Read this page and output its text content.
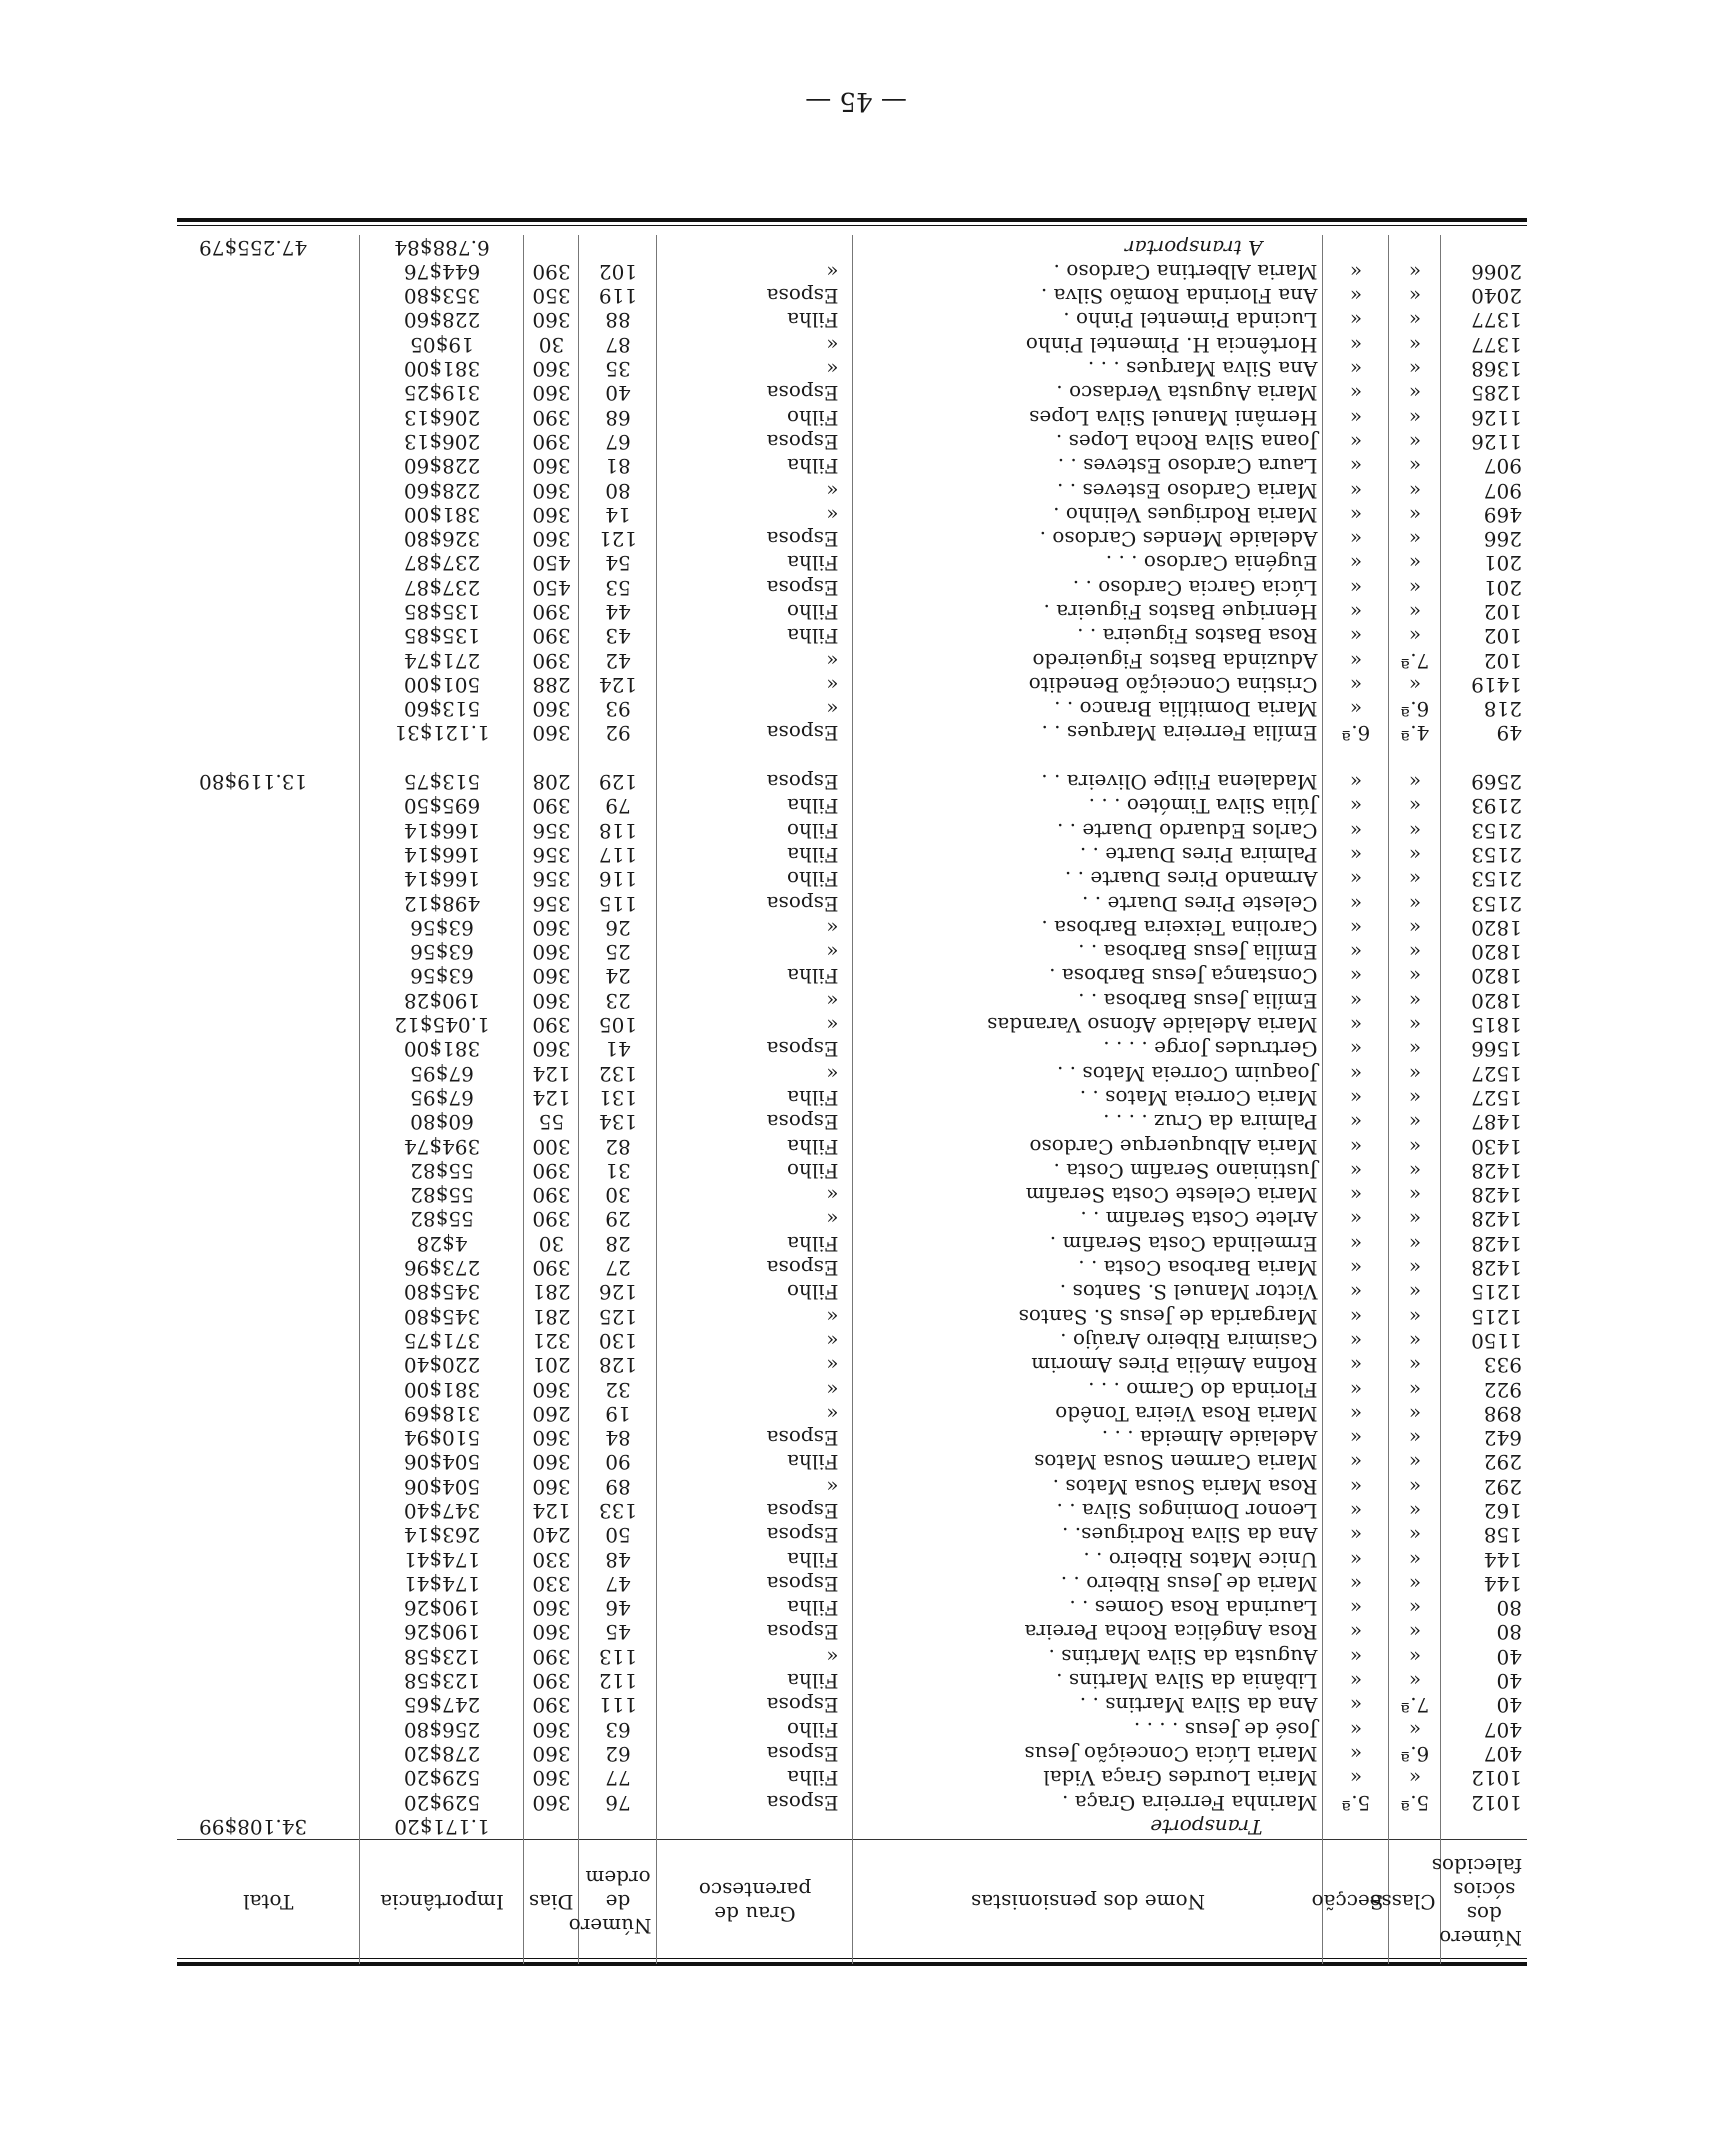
— 45 —
Número dos sócios falecidos	Classe	Secção	Nome dos pensionistas	Grau de parentesco	Número de ordem	Dias	Importância	Total
			Transporte				1.171$20	34.108$99
1012	5.ª	5.ª	Marinha Ferreira Graça .	Esposa	76	360	529$20	
1012	«	«	Maria Lourdes Graça Vidal	Filha	77	360	529$20	
407	6.ª	«	Maria Lúcia Conceição Jesus	Esposa	62	360	278$20	
407	«	«	José de Jesus . . . .	Filho	63	360	256$80	
40	7.ª	«	Ana da Silva Martins . .	Esposa	111	390	247$65	
40	«	«	Libânia da Silva Martins .	Filha	112	390	123$58	
40	«	«	Augusta da Silva Martins .	«	113	390	123$58	
80	«	«	Rosa Angélica Rocha Pereira	Esposa	45	360	190$26	
80	«	«	Laurinda Rosa Gomes . .	Filha	46	360	190$26	
144	«	«	Maria de Jesus Ribeiro . .	Esposa	47	330	174$41	
144	«	«	Unice Matos Ribeiro . .	Filha	48	330	174$41	
158	«	«	Ana da Silva Rodrigues. .	Esposa	50	240	263$14	
162	«	«	Leonor Domingos Silva . .	Esposa	133	124	347$40	
292	«	«	Rosa Maria Sousa Matos .	«	89	360	504$06	
292	«	«	Maria Carmen Sousa Matos	Filha	90	360	504$06	
642	«	«	Adelaide Almeida . . .	Esposa	84	360	510$94	
898	«	«	Maria Rosa Vieira Tonêdo	«	19	260	318$69	
922	«	«	Florinda do Carmo . . .	«	32	360	381$00	
933	«	«	Rofina Amélia Pires Amorim	«	128	201	220$40	
1150	«	«	Casimira Ribeiro Araújo .	«	130	321	371$75	
1215	«	«	Margarida de Jesus S. Santos	«	125	281	345$80	
1215	«	«	Victor Manuel S. Santos .	Filho	126	281	345$80	
1428	«	«	Maria Barbosa Costa . .	Esposa	27	390	273$96	
1428	«	«	Ermelinda Costa Serafim .	Filha	28	30	4$28	
1428	«	«	Arlete Costa Serafim . .	«	29	390	55$82	
1428	«	«	Maria Celeste Costa Serafim	«	30	390	55$82	
1428	«	«	Justiniano Serafim Costa .	Filho	31	390	55$82	
1430	«	«	Maria Albuquerque Cardoso	Filha	82	300	394$74	
1487	«	«	Palmira da Cruz . . . .	Esposa	134	55	60$80	
1527	«	«	Maria Correia Matos . .	Filha	131	124	67$95	
1527	«	«	Joaquim Correia Matos . .	«	132	124	67$95	
1566	«	«	Gertrudes Jorge . . . .	Esposa	41	360	381$00	
1815	«	«	Maria Adelaide Afonso Varandas	«	105	390	1.045$12	
1820	«	«	Emília Jesus Barbosa . .	«	23	360	190$28	
1820	«	«	Constança Jesus Barbosa .	Filha	24	360	63$56	
1820	«	«	Emília Jesus Barbosa . .	«	25	360	63$56	
1820	«	«	Carolina Teixeira Barbosa .	«	26	360	63$56	
2153	«	«	Celeste Pires Duarte . .	Esposa	115	356	498$12	
2153	«	«	Armando Pires Duarte . .	Filho	116	356	166$14	
2153	«	«	Palmira Pires Duarte . .	Filha	117	356	166$14	
2153	«	«	Carlos Eduardo Duarte . .	Filho	118	356	166$14	
2193	«	«	Júlia Silva Timóteo . . .	Filha	79	390	695$50	
2569	«	«	Madalena Filipe Oliveira . .	Esposa	129	208	513$75	13.119$80

49	4.ª	6.ª	Emília Ferreira Marques . .	Esposa	92	360	1.121$31	
218	6.ª	«	Maria Domitília Branco . .	«	93	360	513$60	
1419	«	«	Cristina Conceição Benedito	«	124	288	501$00	
102	7.ª	«	Aduzinda Bastos Figueiredo	«	42	390	271$74	
102	«	«	Rosa Bastos Figueira . .	Filha	43	390	135$85	
102	«	«	Henrique Bastos Figueira .	Filho	44	390	135$85	
201	«	«	Lúcia Garcia Cardoso . .	Esposa	53	450	237$87	
201	«	«	Eugénia Cardoso . . .	Filha	54	450	237$87	
266	«	«	Adelaide Mendes Cardoso .	Esposa	121	360	326$80	
469	«	«	Maria Rodrigues Velinho .	«	14	360	381$00	
907	«	«	Maria Cardoso Esteves . .	«	80	360	228$60	
907	«	«	Laura Cardoso Esteves . .	Filha	81	360	228$60	
1126	«	«	Joana Silva Rocha Lopes .	Esposa	67	390	206$13	
1126	«	«	Hernâni Manuel Silva Lopes	Filho	68	390	206$13	
1285	«	«	Maria Augusta Verdasco .	Esposa	40	360	319$25	
1368	«	«	Ana Silva Marques . . .	«	35	360	381$00	
1377	«	«	Hortência H. Pimentel Pinho	«	87	30	19$05	
1377	«	«	Lucinda Pimentel Pinho .	Filha	88	360	228$60	
2040	«	«	Ana Florinda Romão Silva .	Esposa	119	350	353$80	
2066	«	«	Maria Albertina Cardoso .	«	102	390	644$76	
			A transportar				6.788$84	47.255$79
